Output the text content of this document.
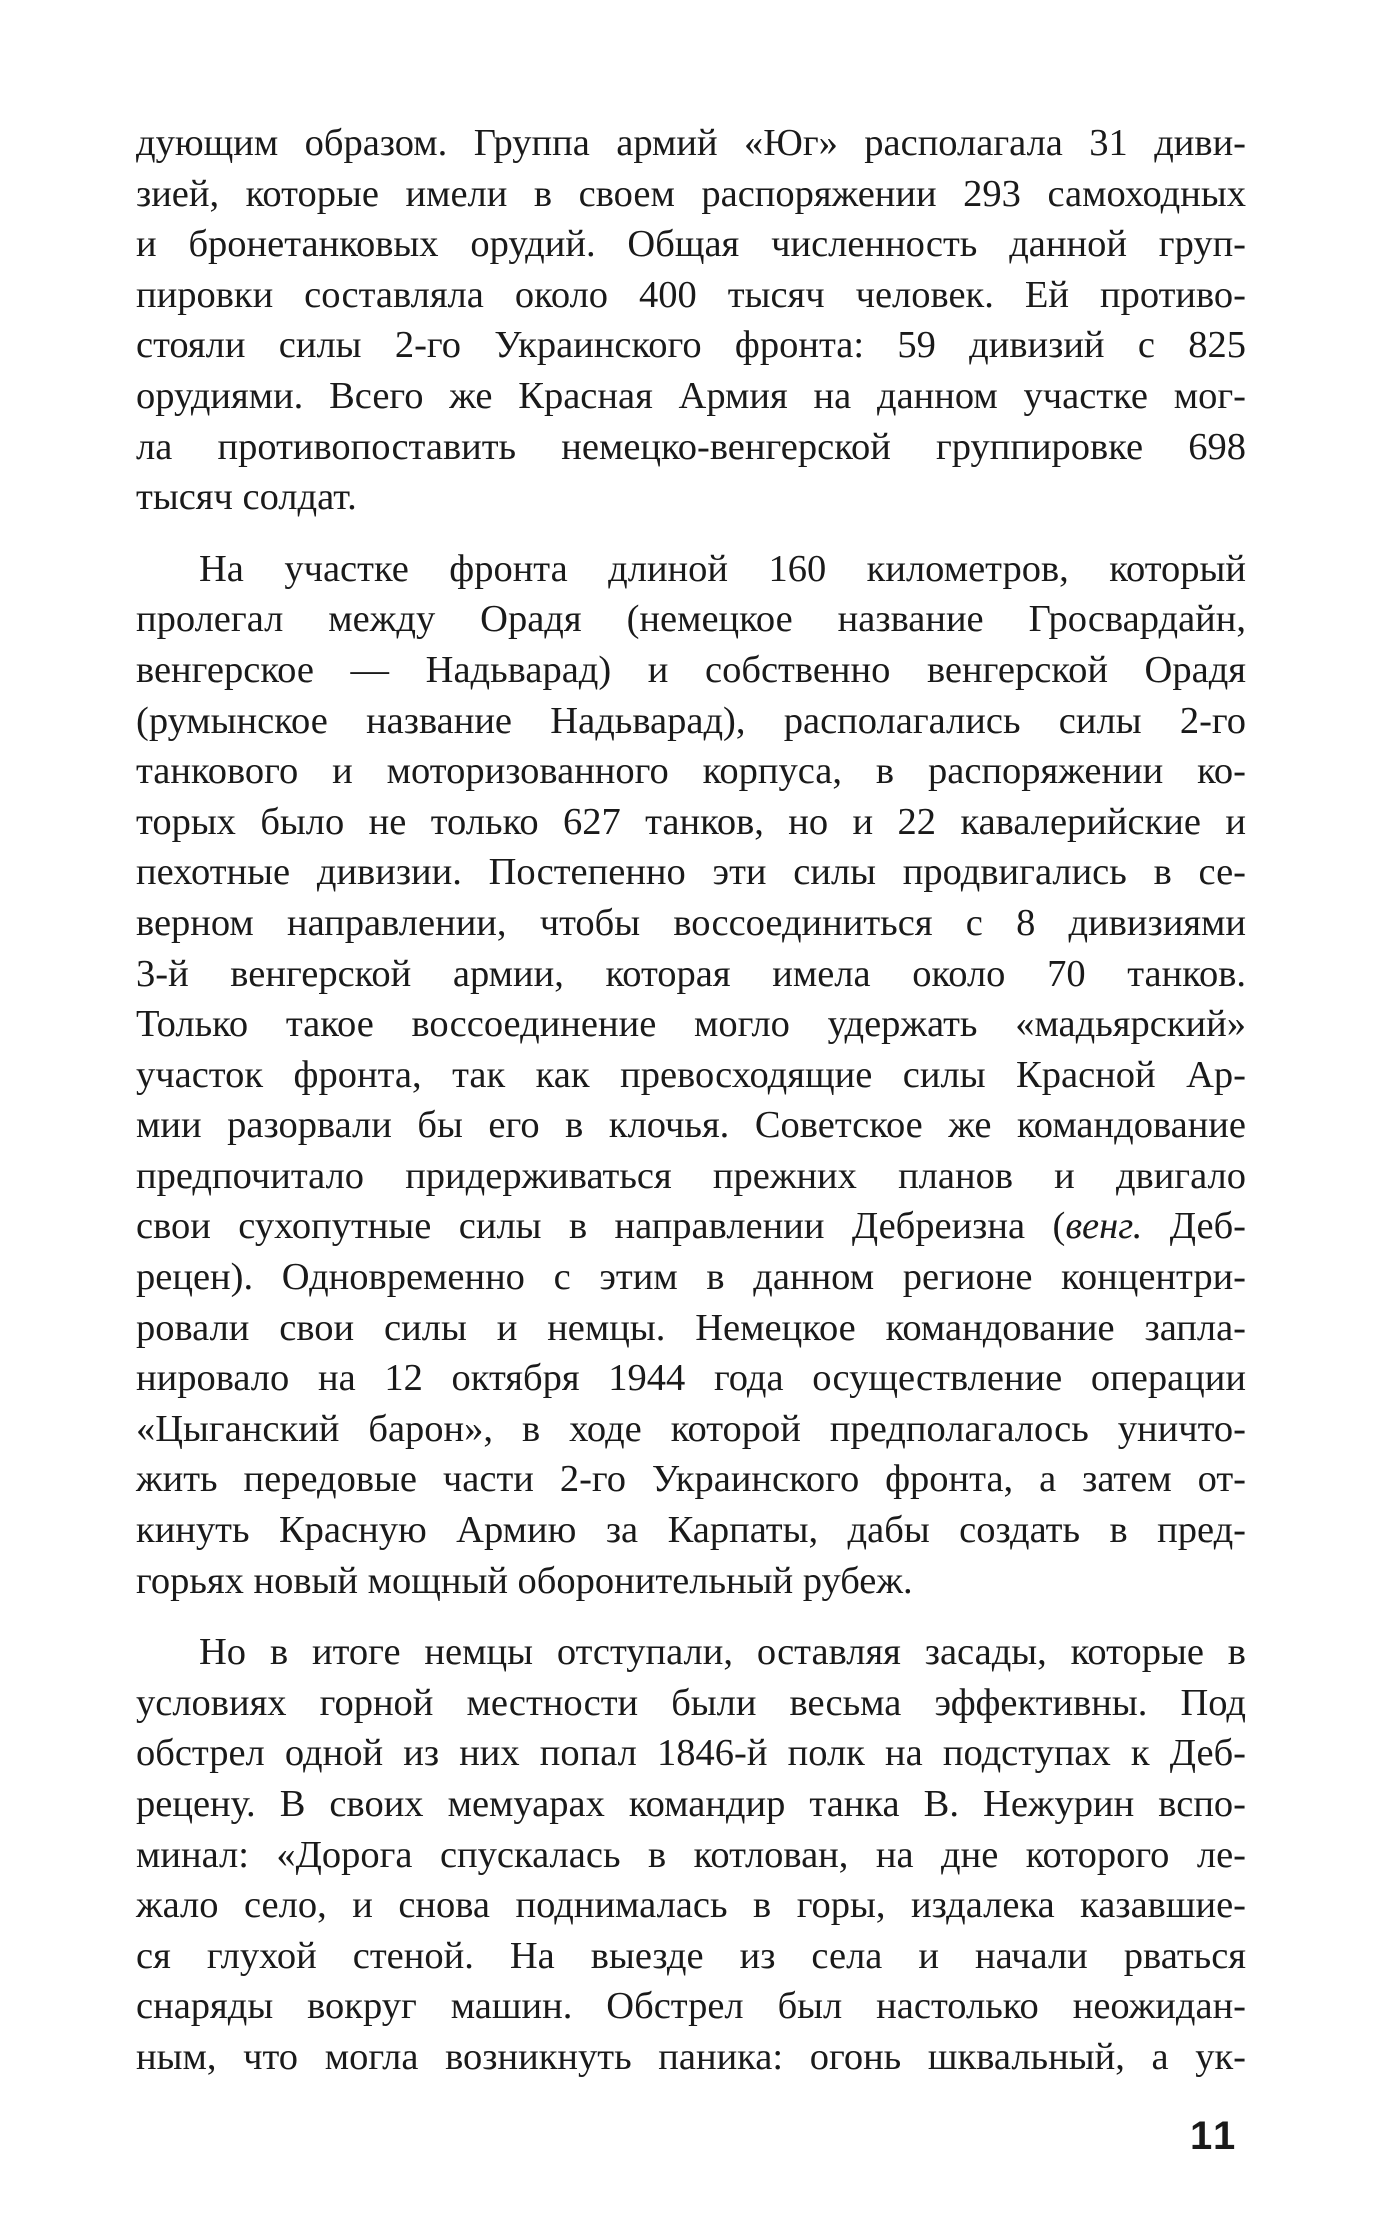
дующим образом. Группа армий «Юг» располагала 31 диви-
зией, которые имели в своем распоряжении 293 самоходных
и бронетанковых орудий. Общая численность данной груп-
пировки составляла около 400 тысяч человек. Ей противо-
стояли силы 2-го Украинского фронта: 59 дивизий с 825
орудиями. Всего же Красная Армия на данном участке мог-
ла противопоставить немецко-венгерской группировке 698
тысяч солдат.
На участке фронта длиной 160 километров, который
пролегал между Орадя (немецкое название Гросвардайн,
венгерское — Надьварад) и собственно венгерской Орадя
(румынское название Надьварад), располагались силы 2-го
танкового и моторизованного корпуса, в распоряжении ко-
торых было не только 627 танков, но и 22 кавалерийские и
пехотные дивизии. Постепенно эти силы продвигались в се-
верном направлении, чтобы воссоединиться с 8 дивизиями
3-й венгерской армии, которая имела около 70 танков.
Только такое воссоединение могло удержать «мадьярский»
участок фронта, так как превосходящие силы Красной Ар-
мии разорвали бы его в клочья. Советское же командование
предпочитало придерживаться прежних планов и двигало
свои сухопутные силы в направлении Дебреизна (венг. Деб-
рецен). Одновременно с этим в данном регионе концентри-
ровали свои силы и немцы. Немецкое командование запла-
нировало на 12 октября 1944 года осуществление операции
«Цыганский барон», в ходе которой предполагалось уничто-
жить передовые части 2-го Украинского фронта, а затем от-
кинуть Красную Армию за Карпаты, дабы создать в пред-
горьях новый мощный оборонительный рубеж.
Но в итоге немцы отступали, оставляя засады, которые в
условиях горной местности были весьма эффективны. Под
обстрел одной из них попал 1846-й полк на подступах к Деб-
рецену. В своих мемуарах командир танка В. Нежурин вспо-
минал: «Дорога спускалась в котлован, на дне которого ле-
жало село, и снова поднималась в горы, издалека казавшие-
ся глухой стеной. На выезде из села и начали рваться
снаряды вокруг машин. Обстрел был настолько неожидан-
ным, что могла возникнуть паника: огонь шквальный, а ук-
11
